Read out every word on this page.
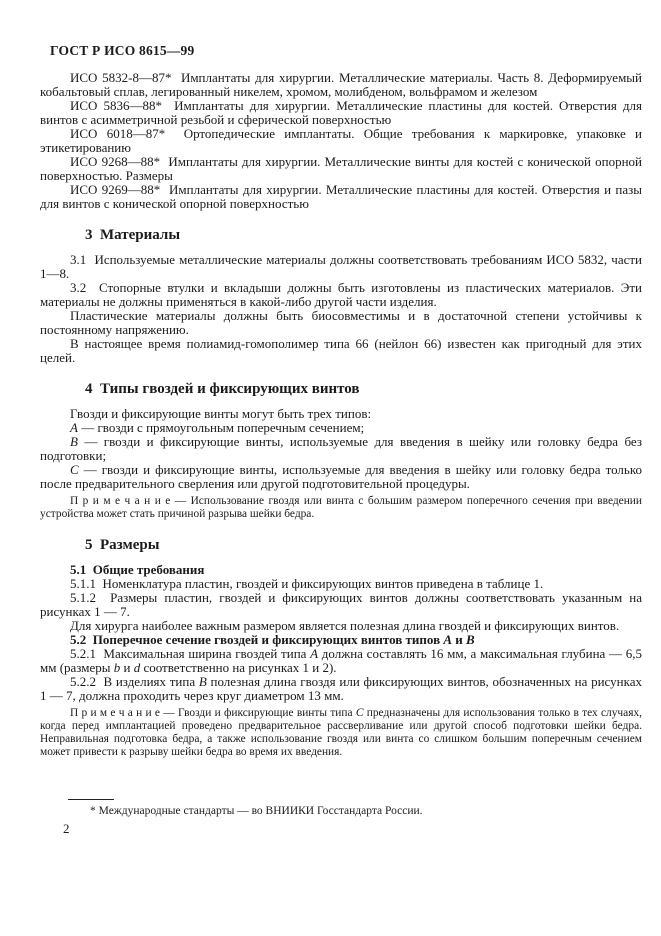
ГОСТ Р ИСО 8615—99

ИСО 5832-8—87*  Имплантаты для хирургии. Металлические материалы. Часть 8. Деформируемый кобальтовый сплав, легированный никелем, хромом, молибденом, вольфрамом и железом

ИСО 5836—88*  Имплантаты для хирургии. Металлические пластины для костей. Отверстия для винтов с асимметричной резьбой и сферической поверхностью

ИСО 6018—87*  Ортопедические имплантаты. Общие требования к маркировке, упаковке и этикетированию

ИСО 9268—88*  Имплантаты для хирургии. Металлические винты для костей с конической опорной поверхностью. Размеры

ИСО 9269—88*  Имплантаты для хирургии. Металлические пластины для костей. Отверстия и пазы для винтов с конической опорной поверхностью

3  Материалы

3.1  Используемые металлические материалы должны соответствовать требованиям ИСО 5832, части 1—8.

3.2  Стопорные втулки и вкладыши должны быть изготовлены из пластических материалов. Эти материалы не должны применяться в какой-либо другой части изделия.

Пластические материалы должны быть биосовместимы и в достаточной степени устойчивы к постоянному напряжению.

В настоящее время полиамид-гомополимер типа 66 (нейлон 66) известен как пригодный для этих целей.

4  Типы гвоздей и фиксирующих винтов

Гвозди и фиксирующие винты могут быть трех типов:

A — гвозди с прямоугольным поперечным сечением;

B — гвозди и фиксирующие винты, используемые для введения в шейку или головку бедра без подготовки;

C — гвозди и фиксирующие винты, используемые для введения в шейку или головку бедра только после предварительного сверления или другой подготовительной процедуры.

П р и м е ч а н и е — Использование гвоздя или винта с большим размером поперечного сечения при введении устройства может стать причиной разрыва шейки бедра.

5  Размеры

5.1  Общие требования

5.1.1  Номенклатура пластин, гвоздей и фиксирующих винтов приведена в таблице 1.

5.1.2  Размеры пластин, гвоздей и фиксирующих винтов должны соответствовать указанным на рисунках 1 — 7.

Для хирурга наиболее важным размером является полезная длина гвоздей и фиксирующих винтов.

5.2  Поперечное сечение гвоздей и фиксирующих винтов типов A и B

5.2.1  Максимальная ширина гвоздей типа A должна составлять 16 мм, а максимальная глубина — 6,5 мм (размеры b и d соответственно на рисунках 1 и 2).

5.2.2  В изделиях типа B полезная длина гвоздя или фиксирующих винтов, обозначенных на рисунках 1 — 7, должна проходить через круг диаметром 13 мм.

П р и м е ч а н и е — Гвозди и фиксирующие винты типа C предназначены для использования только в тех случаях, когда перед имплантацией проведено предварительное рассверливание или другой способ подготовки шейки бедра. Неправильная подготовка бедра, а также использование гвоздя или винта со слишком большим поперечным сечением может привести к разрыву шейки бедра во время их введения.

* Международные стандарты — во ВНИИКИ Госстандарта России.
2
